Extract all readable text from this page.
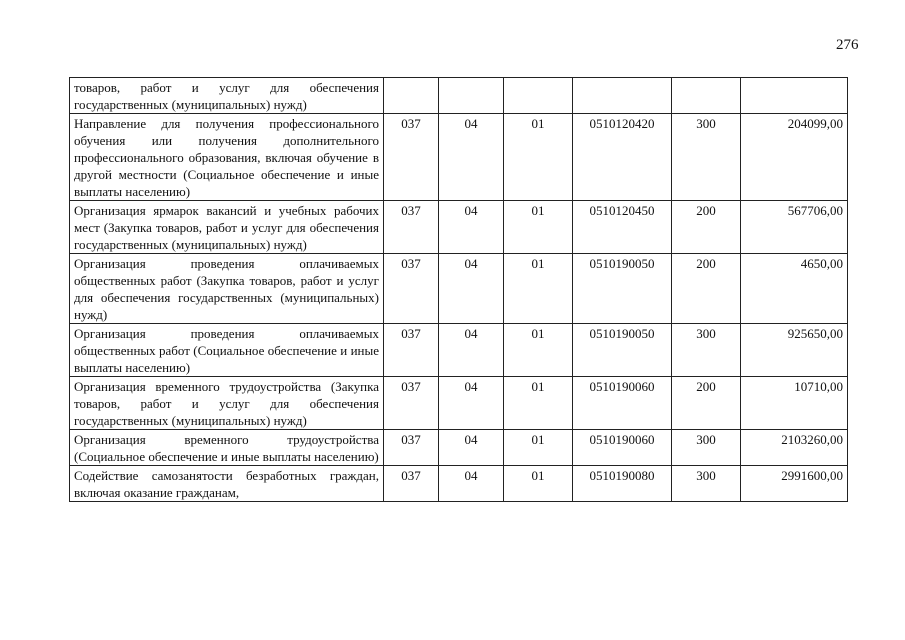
276
товаров, работ и услуг для обеспечения государственных (муниципальных) нужд)						
Направление для получения профессионального обучения или получения дополнительного профессионального образования, включая обучение в другой местности (Социальное обеспечение и иные выплаты населению)	037	04	01	0510120420	300	204099,00
Организация ярмарок вакансий и учебных рабочих мест (Закупка товаров, работ и услуг для обеспечения государственных (муниципальных) нужд)	037	04	01	0510120450	200	567706,00
Организация проведения оплачиваемых общественных работ (Закупка товаров, работ и услуг для обеспечения государственных (муниципальных) нужд)	037	04	01	0510190050	200	4650,00
Организация проведения оплачиваемых общественных работ (Социальное обеспечение и иные выплаты населению)	037	04	01	0510190050	300	925650,00
Организация временного трудоустройства (Закупка товаров, работ и услуг для обеспечения государственных (муниципальных) нужд)	037	04	01	0510190060	200	10710,00
Организация временного трудоустройства (Социальное обеспечение и иные выплаты населению)	037	04	01	0510190060	300	2103260,00
Содействие самозанятости безработных граждан, включая оказание гражданам,	037	04	01	0510190080	300	2991600,00
